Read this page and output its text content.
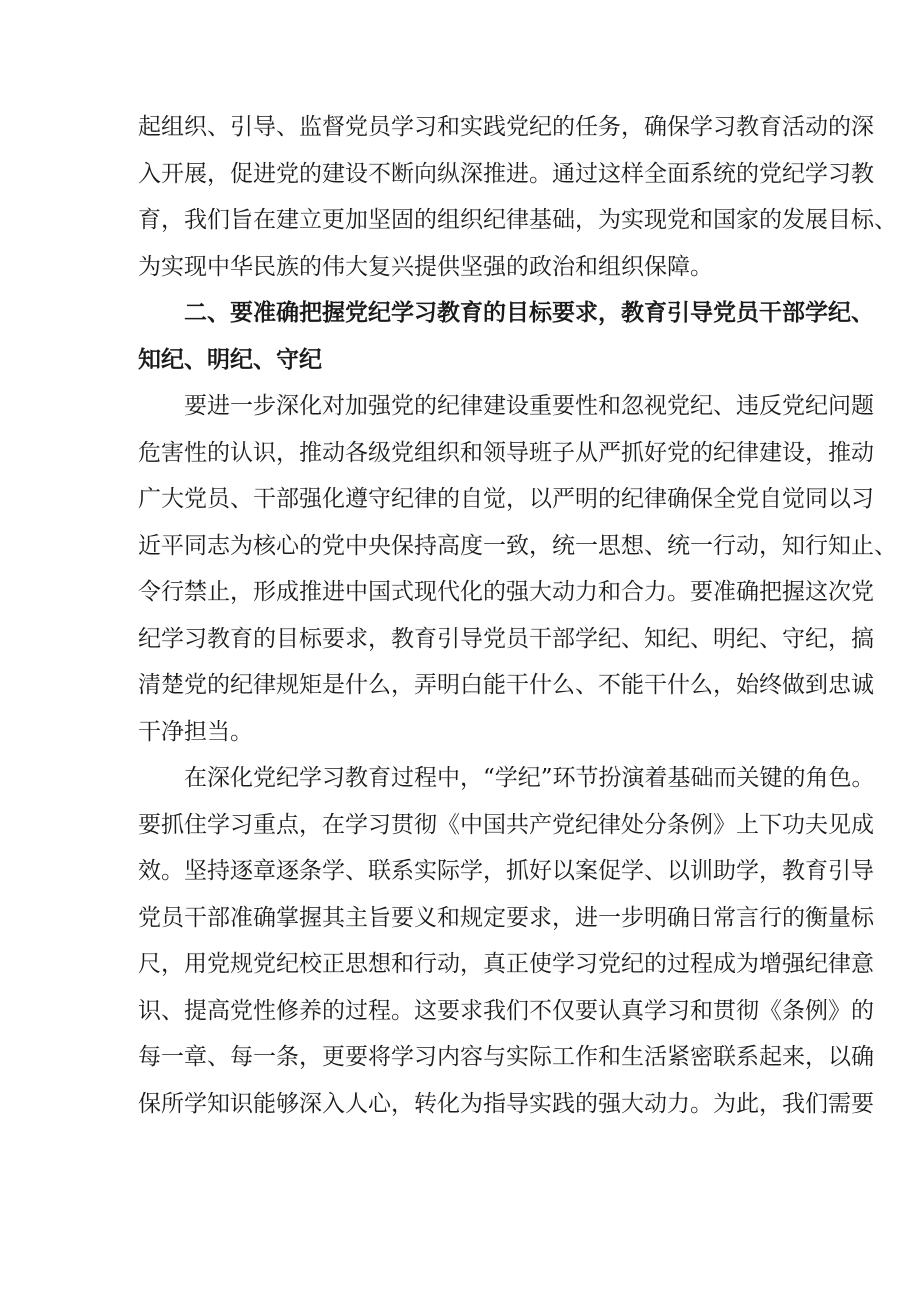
起组织、引导、监督党员学习和实践党纪的任务，确保学习教育活动的深
入开展，促进党的建设不断向纵深推进。通过这样全面系统的党纪学习教
育，我们旨在建立更加坚固的组织纪律基础，为实现党和国家的发展目标、
为实现中华民族的伟大复兴提供坚强的政治和组织保障。
二、要准确把握党纪学习教育的目标要求，教育引导党员干部学纪、
知纪、明纪、守纪
要进一步深化对加强党的纪律建设重要性和忽视党纪、违反党纪问题
危害性的认识，推动各级党组织和领导班子从严抓好党的纪律建设，推动
广大党员、干部强化遵守纪律的自觉，以严明的纪律确保全党自觉同以习
近平同志为核心的党中央保持高度一致，统一思想、统一行动，知行知止、
令行禁止，形成推进中国式现代化的强大动力和合力。要准确把握这次党
纪学习教育的目标要求，教育引导党员干部学纪、知纪、明纪、守纪，搞
清楚党的纪律规矩是什么，弄明白能干什么、不能干什么，始终做到忠诚
干净担当。
在深化党纪学习教育过程中，“学纪”环节扮演着基础而关键的角色。
要抓住学习重点，在学习贯彻《中国共产党纪律处分条例》上下功夫见成
效。坚持逐章逐条学、联系实际学，抓好以案促学、以训助学，教育引导
党员干部准确掌握其主旨要义和规定要求，进一步明确日常言行的衡量标
尺，用党规党纪校正思想和行动，真正使学习党纪的过程成为增强纪律意
识、提高党性修养的过程。这要求我们不仅要认真学习和贯彻《条例》的
每一章、每一条，更要将学习内容与实际工作和生活紧密联系起来，以确
保所学知识能够深入人心，转化为指导实践的强大动力。为此，我们需要
